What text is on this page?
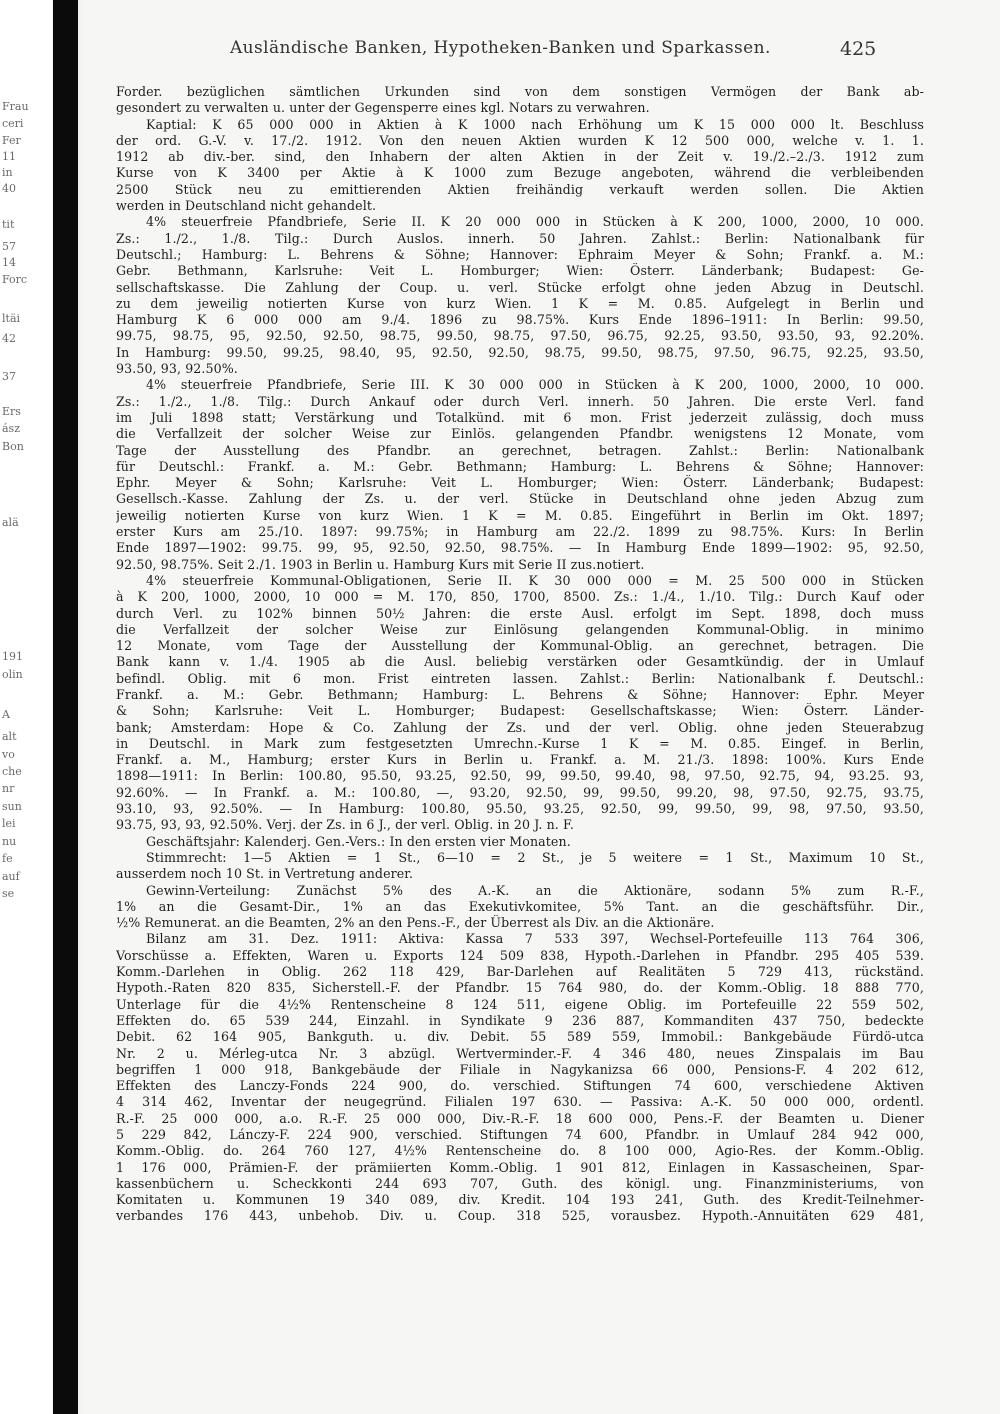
Frau
ceri
Fer
11
in
40
tit
57
14
Forc
ltäi
42
37
Ers
ász
Bon
alä
191
olin
A
alt
vo
che
nr
sun
lei
nu
fe
auf
se
Ausländische Banken, Hypotheken-Banken und Sparkassen.	425
Forder. bezüglichen sämtlichen Urkunden sind von dem sonstigen Vermögen der Bank ab-
gesondert zu verwalten u. unter der Gegensperre eines kgl. Notars zu verwahren.
Kaptial: K 65 000 000 in Aktien à K 1000 nach Erhöhung um K 15 000 000 lt. Beschluss
der ord. G.-V. v. 17./2. 1912. Von den neuen Aktien wurden K 12 500 000, welche v. 1. 1.
1912 ab div.-ber. sind, den Inhabern der alten Aktien in der Zeit v. 19./2.–2./3. 1912 zum
Kurse von K 3400 per Aktie à K 1000 zum Bezuge angeboten, während die verbleibenden
2500 Stück neu zu emittierenden Aktien freihändig verkauft werden sollen. Die Aktien
werden in Deutschland nicht gehandelt.
4% steuerfreie Pfandbriefe, Serie II. K 20 000 000 in Stücken à K 200, 1000, 2000, 10 000.
Zs.: 1./2., 1./8. Tilg.: Durch Auslos. innerh. 50 Jahren. Zahlst.: Berlin: Nationalbank für
Deutschl.; Hamburg: L. Behrens & Söhne; Hannover: Ephraim Meyer & Sohn; Frankf. a. M.:
Gebr. Bethmann, Karlsruhe: Veit L. Homburger; Wien: Österr. Länderbank; Budapest: Ge-
sellschaftskasse. Die Zahlung der Coup. u. verl. Stücke erfolgt ohne jeden Abzug in Deutschl.
zu dem jeweilig notierten Kurse von kurz Wien. 1 K = M. 0.85. Aufgelegt in Berlin und
Hamburg K 6 000 000 am 9./4. 1896 zu 98.75%. Kurs Ende 1896–1911: In Berlin: 99.50,
99.75, 98.75, 95, 92.50, 92.50, 98.75, 99.50, 98.75, 97.50, 96.75, 92.25, 93.50, 93.50, 93, 92.20%.
In Hamburg: 99.50, 99.25, 98.40, 95, 92.50, 92.50, 98.75, 99.50, 98.75, 97.50, 96.75, 92.25, 93.50,
93.50, 93, 92.50%.
4% steuerfreie Pfandbriefe, Serie III. K 30 000 000 in Stücken à K 200, 1000, 2000, 10 000.
Zs.: 1./2., 1./8. Tilg.: Durch Ankauf oder durch Verl. innerh. 50 Jahren. Die erste Verl. fand
im Juli 1898 statt; Verstärkung und Totalkünd. mit 6 mon. Frist jederzeit zulässig, doch muss
die Verfallzeit der solcher Weise zur Einlös. gelangenden Pfandbr. wenigstens 12 Monate, vom
Tage der Ausstellung des Pfandbr. an gerechnet, betragen. Zahlst.: Berlin: Nationalbank
für Deutschl.: Frankf. a. M.: Gebr. Bethmann; Hamburg: L. Behrens & Söhne; Hannover:
Ephr. Meyer & Sohn; Karlsruhe: Veit L. Homburger; Wien: Österr. Länderbank; Budapest:
Gesellsch.-Kasse. Zahlung der Zs. u. der verl. Stücke in Deutschland ohne jeden Abzug zum
jeweilig notierten Kurse von kurz Wien. 1 K = M. 0.85. Eingeführt in Berlin im Okt. 1897;
erster Kurs am 25./10. 1897: 99.75%; in Hamburg am 22./2. 1899 zu 98.75%. Kurs: In Berlin
Ende 1897—1902: 99.75. 99, 95, 92.50, 92.50, 98.75%. — In Hamburg Ende 1899—1902: 95, 92.50,
92.50, 98.75%. Seit 2./1. 1903 in Berlin u. Hamburg Kurs mit Serie II zus.notiert.
4% steuerfreie Kommunal-Obligationen, Serie II. K 30 000 000 = M. 25 500 000 in Stücken
à K 200, 1000, 2000, 10 000 = M. 170, 850, 1700, 8500. Zs.: 1./4., 1./10. Tilg.: Durch Kauf oder
durch Verl. zu 102% binnen 50½ Jahren: die erste Ausl. erfolgt im Sept. 1898, doch muss
die Verfallzeit der solcher Weise zur Einlösung gelangenden Kommunal-Oblig. in minimo
12 Monate, vom Tage der Ausstellung der Kommunal-Oblig. an gerechnet, betragen. Die
Bank kann v. 1./4. 1905 ab die Ausl. beliebig verstärken oder Gesamtkündig. der in Umlauf
befindl. Oblig. mit 6 mon. Frist eintreten lassen. Zahlst.: Berlin: Nationalbank f. Deutschl.:
Frankf. a. M.: Gebr. Bethmann; Hamburg: L. Behrens & Söhne; Hannover: Ephr. Meyer
& Sohn; Karlsruhe: Veit L. Homburger; Budapest: Gesellschaftskasse; Wien: Österr. Länder-
bank; Amsterdam: Hope & Co. Zahlung der Zs. und der verl. Oblig. ohne jeden Steuerabzug
in Deutschl. in Mark zum festgesetzten Umrechn.-Kurse 1 K = M. 0.85. Eingef. in Berlin,
Frankf. a. M., Hamburg; erster Kurs in Berlin u. Frankf. a. M. 21./3. 1898: 100%. Kurs Ende
1898—1911: In Berlin: 100.80, 95.50, 93.25, 92.50, 99, 99.50, 99.40, 98, 97.50, 92.75, 94, 93.25. 93,
92.60%. — In Frankf. a. M.: 100.80, —, 93.20, 92.50, 99, 99.50, 99.20, 98, 97.50, 92.75, 93.75,
93.10, 93, 92.50%. — In Hamburg: 100.80, 95.50, 93.25, 92.50, 99, 99.50, 99, 98, 97.50, 93.50,
93.75, 93, 93, 92.50%. Verj. der Zs. in 6 J., der verl. Oblig. in 20 J. n. F.
Geschäftsjahr: Kalenderj. Gen.-Vers.: In den ersten vier Monaten.
Stimmrecht: 1—5 Aktien = 1 St., 6—10 = 2 St., je 5 weitere = 1 St., Maximum 10 St.,
ausserdem noch 10 St. in Vertretung anderer.
Gewinn-Verteilung: Zunächst 5% des A.-K. an die Aktionäre, sodann 5% zum R.-F.,
1% an die Gesamt-Dir., 1% an das Exekutivkomitee, 5% Tant. an die geschäftsführ. Dir.,
½% Remunerat. an die Beamten, 2% an den Pens.-F., der Überrest als Div. an die Aktionäre.
Bilanz am 31. Dez. 1911: Aktiva: Kassa 7 533 397, Wechsel-Portefeuille 113 764 306,
Vorschüsse a. Effekten, Waren u. Exports 124 509 838, Hypoth.-Darlehen in Pfandbr. 295 405 539.
Komm.-Darlehen in Oblig. 262 118 429, Bar-Darlehen auf Realitäten 5 729 413, rückständ.
Hypoth.-Raten 820 835, Sicherstell.-F. der Pfandbr. 15 764 980, do. der Komm.-Oblig. 18 888 770,
Unterlage für die 4½% Rentenscheine 8 124 511, eigene Oblig. im Portefeuille 22 559 502,
Effekten do. 65 539 244, Einzahl. in Syndikate 9 236 887, Kommanditen 437 750, bedeckte
Debit. 62 164 905, Bankguth. u. div. Debit. 55 589 559, Immobil.: Bankgebäude Fürdö-utca
Nr. 2 u. Mérleg-utca Nr. 3 abzügl. Wertverminder.-F. 4 346 480, neues Zinspalais im Bau
begriffen 1 000 918, Bankgebäude der Filiale in Nagykanizsa 66 000, Pensions-F. 4 202 612,
Effekten des Lanczy-Fonds 224 900, do. verschied. Stiftungen 74 600, verschiedene Aktiven
4 314 462, Inventar der neugegründ. Filialen 197 630. — Passiva: A.-K. 50 000 000, ordentl.
R.-F. 25 000 000, a.o. R.-F. 25 000 000, Div.-R.-F. 18 600 000, Pens.-F. der Beamten u. Diener
5 229 842, Lánczy-F. 224 900, verschied. Stiftungen 74 600, Pfandbr. in Umlauf 284 942 000,
Komm.-Oblig. do. 264 760 127, 4½% Rentenscheine do. 8 100 000, Agio-Res. der Komm.-Oblig.
1 176 000, Prämien-F. der prämiierten Komm.-Oblig. 1 901 812, Einlagen in Kassascheinen, Spar-
kassenbüchern u. Scheckkonti 244 693 707, Guth. des königl. ung. Finanzministeriums, von
Komitaten u. Kommunen 19 340 089, div. Kredit. 104 193 241, Guth. des Kredit-Teilnehmer-
verbandes 176 443, unbehob. Div. u. Coup. 318 525, vorausbez. Hypoth.-Annuitäten 629 481,
